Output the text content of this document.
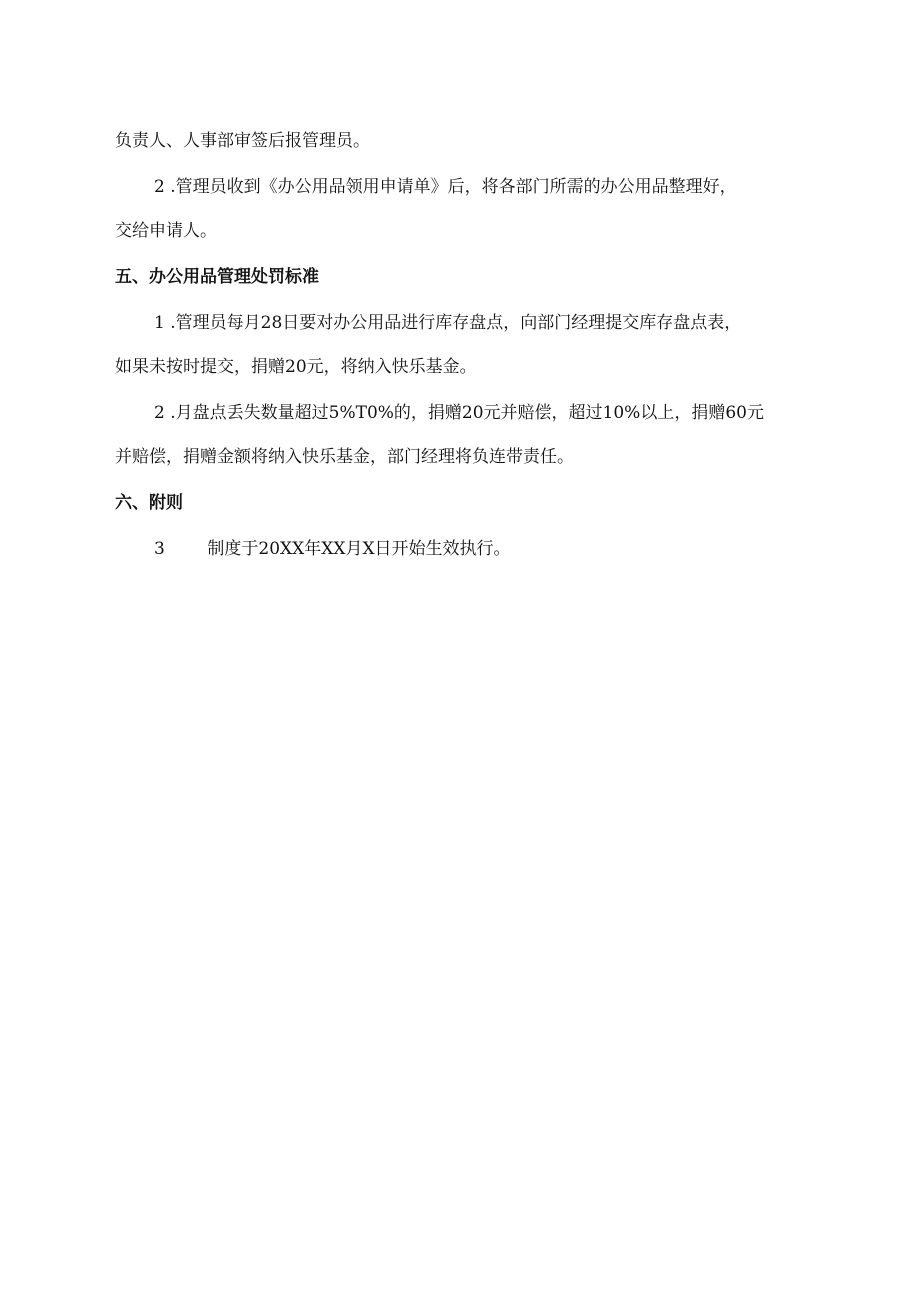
负责人、人事部审签后报管理员。
2 .管理员收到《办公用品领用申请单》后，将各部门所需的办公用品整理好，
交给申请人。
五、办公用品管理处罚标准
1 .管理员每月28日要对办公用品进行库存盘点，向部门经理提交库存盘点表，
如果未按时提交，捐赠20元，将纳入快乐基金。
2 .月盘点丢失数量超过5%T0%的，捐赠20元并赔偿，超过10%以上，捐赠60元
并赔偿，捐赠金额将纳入快乐基金，部门经理将负连带责任。
六、附则
3	制度于20XX年XX月X日开始生效执行。
